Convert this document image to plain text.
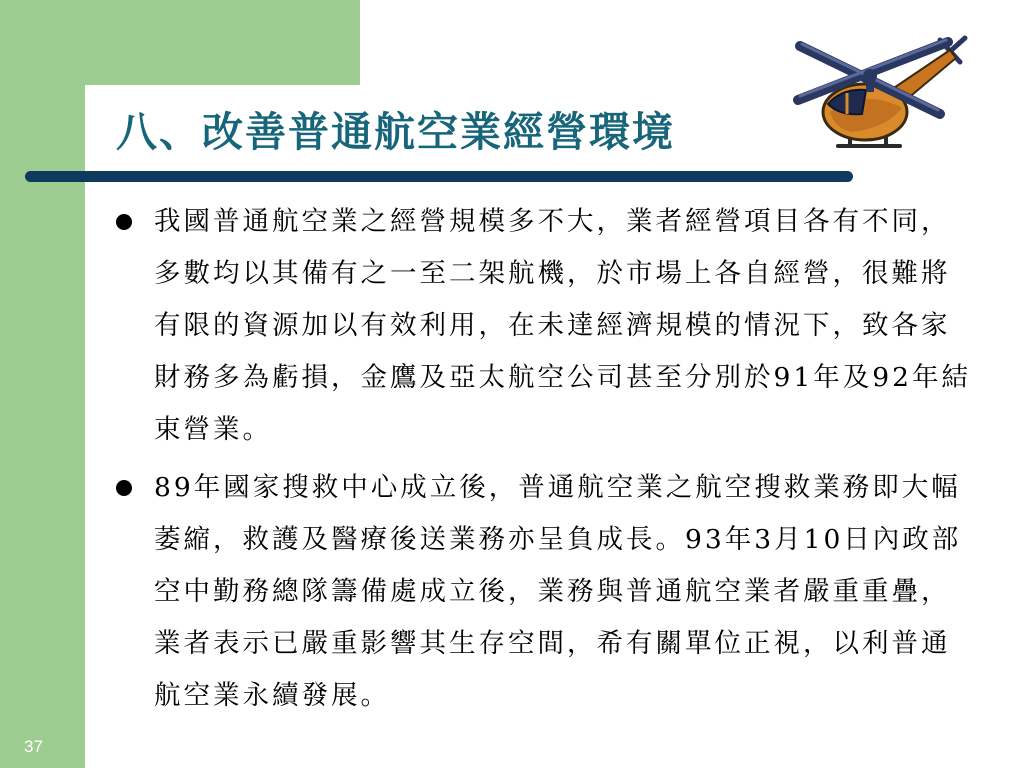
八、改善普通航空業經營環境
我國普通航空業之經營規模多不大，業者經營項目各有不同，多數均以其備有之一至二架航機，於市場上各自經營，很難將有限的資源加以有效利用，在未達經濟規模的情況下，致各家財務多為虧損，金鷹及亞太航空公司甚至分別於91年及92年結束營業。
89年國家搜救中心成立後，普通航空業之航空搜救業務即大幅萎縮，救護及醫療後送業務亦呈負成長。93年3月10日內政部空中勤務總隊籌備處成立後，業務與普通航空業者嚴重重疊，業者表示已嚴重影響其生存空間，希有關單位正視，以利普通航空業永續發展。
37
